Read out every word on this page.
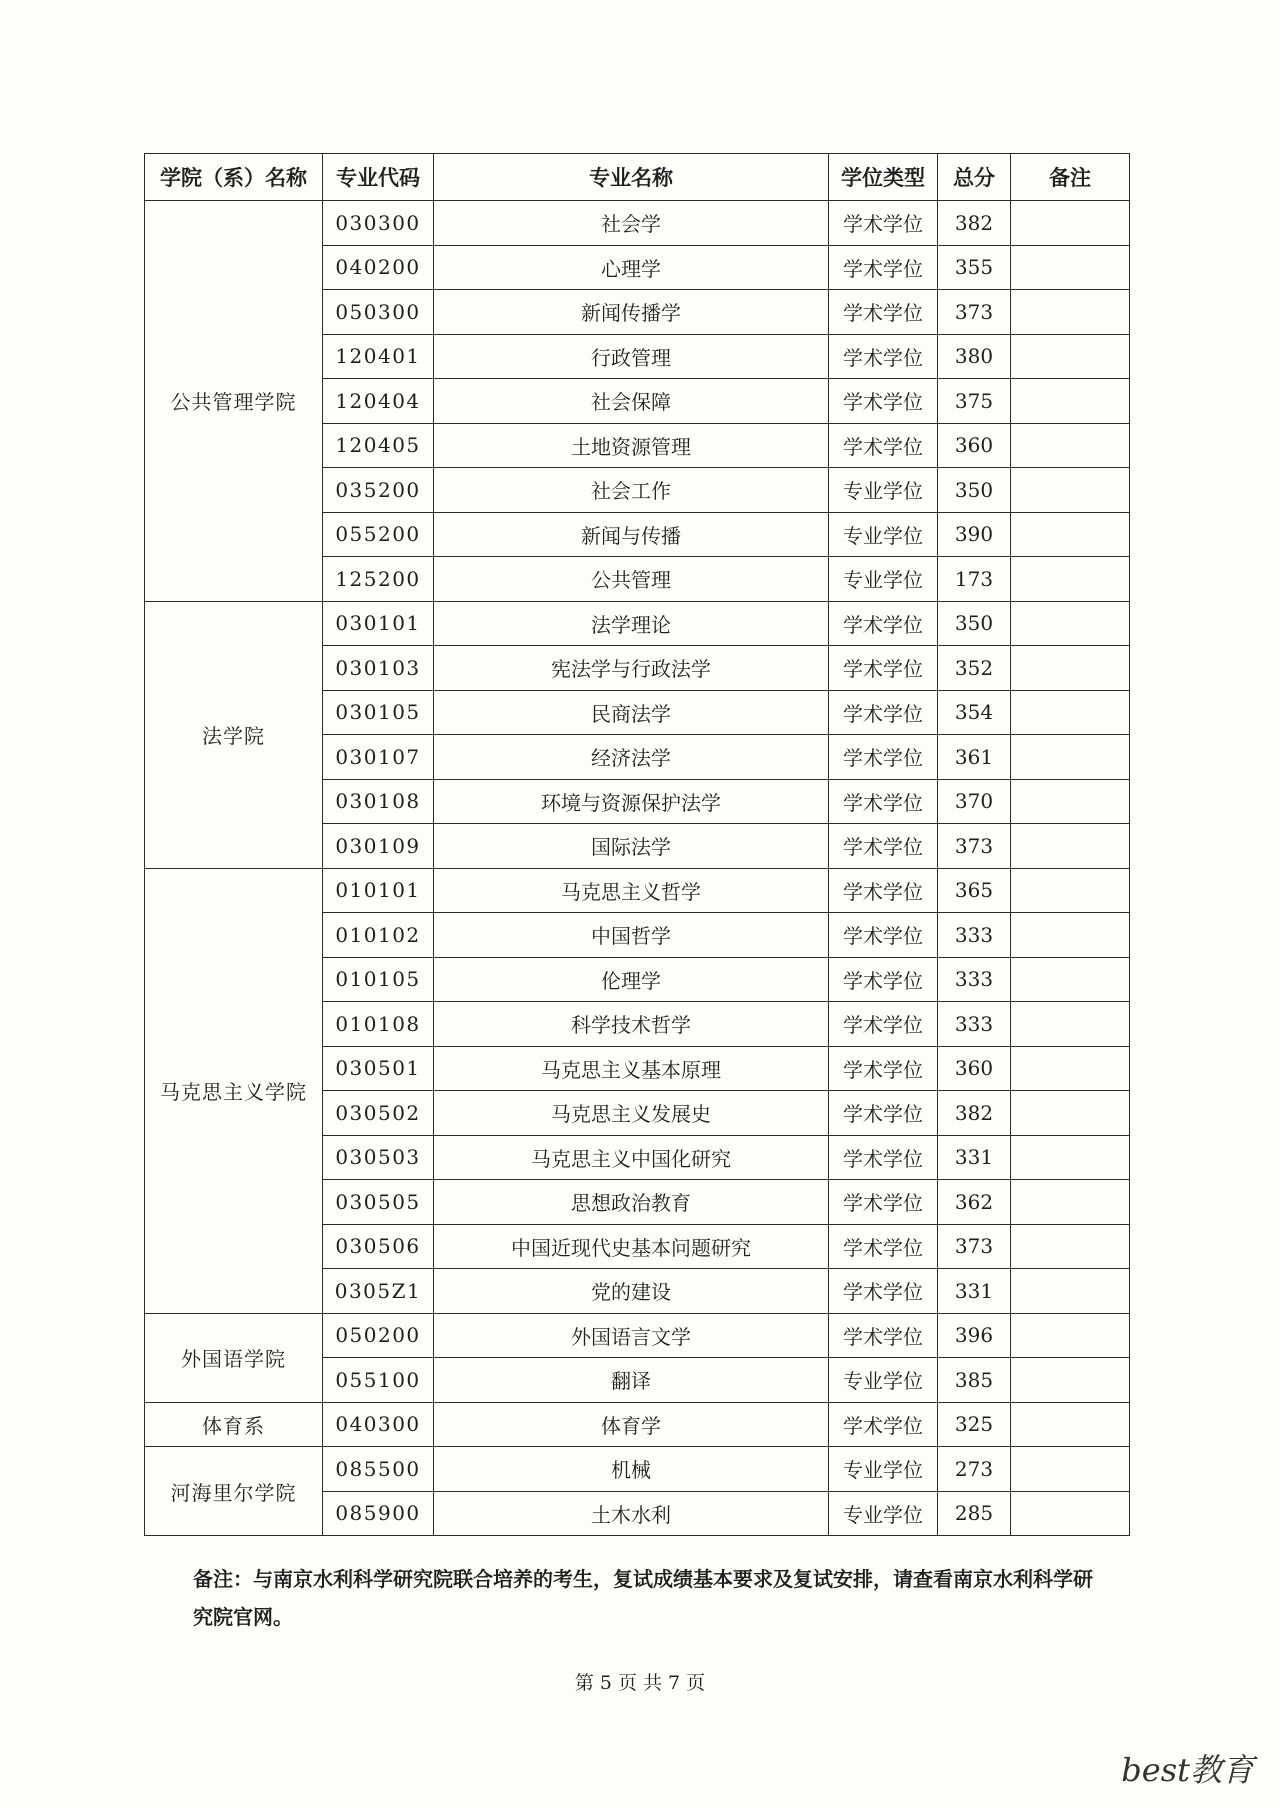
学院（系）名称	专业代码	专业名称	学位类型	总分	备注
公共管理学院	030300	社会学	学术学位	382	
	040200	心理学	学术学位	355	
	050300	新闻传播学	学术学位	373	
	120401	行政管理	学术学位	380	
	120404	社会保障	学术学位	375	
	120405	土地资源管理	学术学位	360	
	035200	社会工作	专业学位	350	
	055200	新闻与传播	专业学位	390	
	125200	公共管理	专业学位	173	
法学院	030101	法学理论	学术学位	350	
	030103	宪法学与行政法学	学术学位	352	
	030105	民商法学	学术学位	354	
	030107	经济法学	学术学位	361	
	030108	环境与资源保护法学	学术学位	370	
	030109	国际法学	学术学位	373	
马克思主义学院	010101	马克思主义哲学	学术学位	365	
	010102	中国哲学	学术学位	333	
	010105	伦理学	学术学位	333	
	010108	科学技术哲学	学术学位	333	
	030501	马克思主义基本原理	学术学位	360	
	030502	马克思主义发展史	学术学位	382	
	030503	马克思主义中国化研究	学术学位	331	
	030505	思想政治教育	学术学位	362	
	030506	中国近现代史基本问题研究	学术学位	373	
	0305Z1	党的建设	学术学位	331	
外国语学院	050200	外国语言文学	学术学位	396	
	055100	翻译	专业学位	385	
体育系	040300	体育学	学术学位	325	
河海里尔学院	085500	机械	专业学位	273	
	085900	土木水利	专业学位	285	
备注：与南京水利科学研究院联合培养的考生，复试成绩基本要求及复试安排，请查看南京水利科学研究院官网。
第 5 页 共 7 页
best教育
